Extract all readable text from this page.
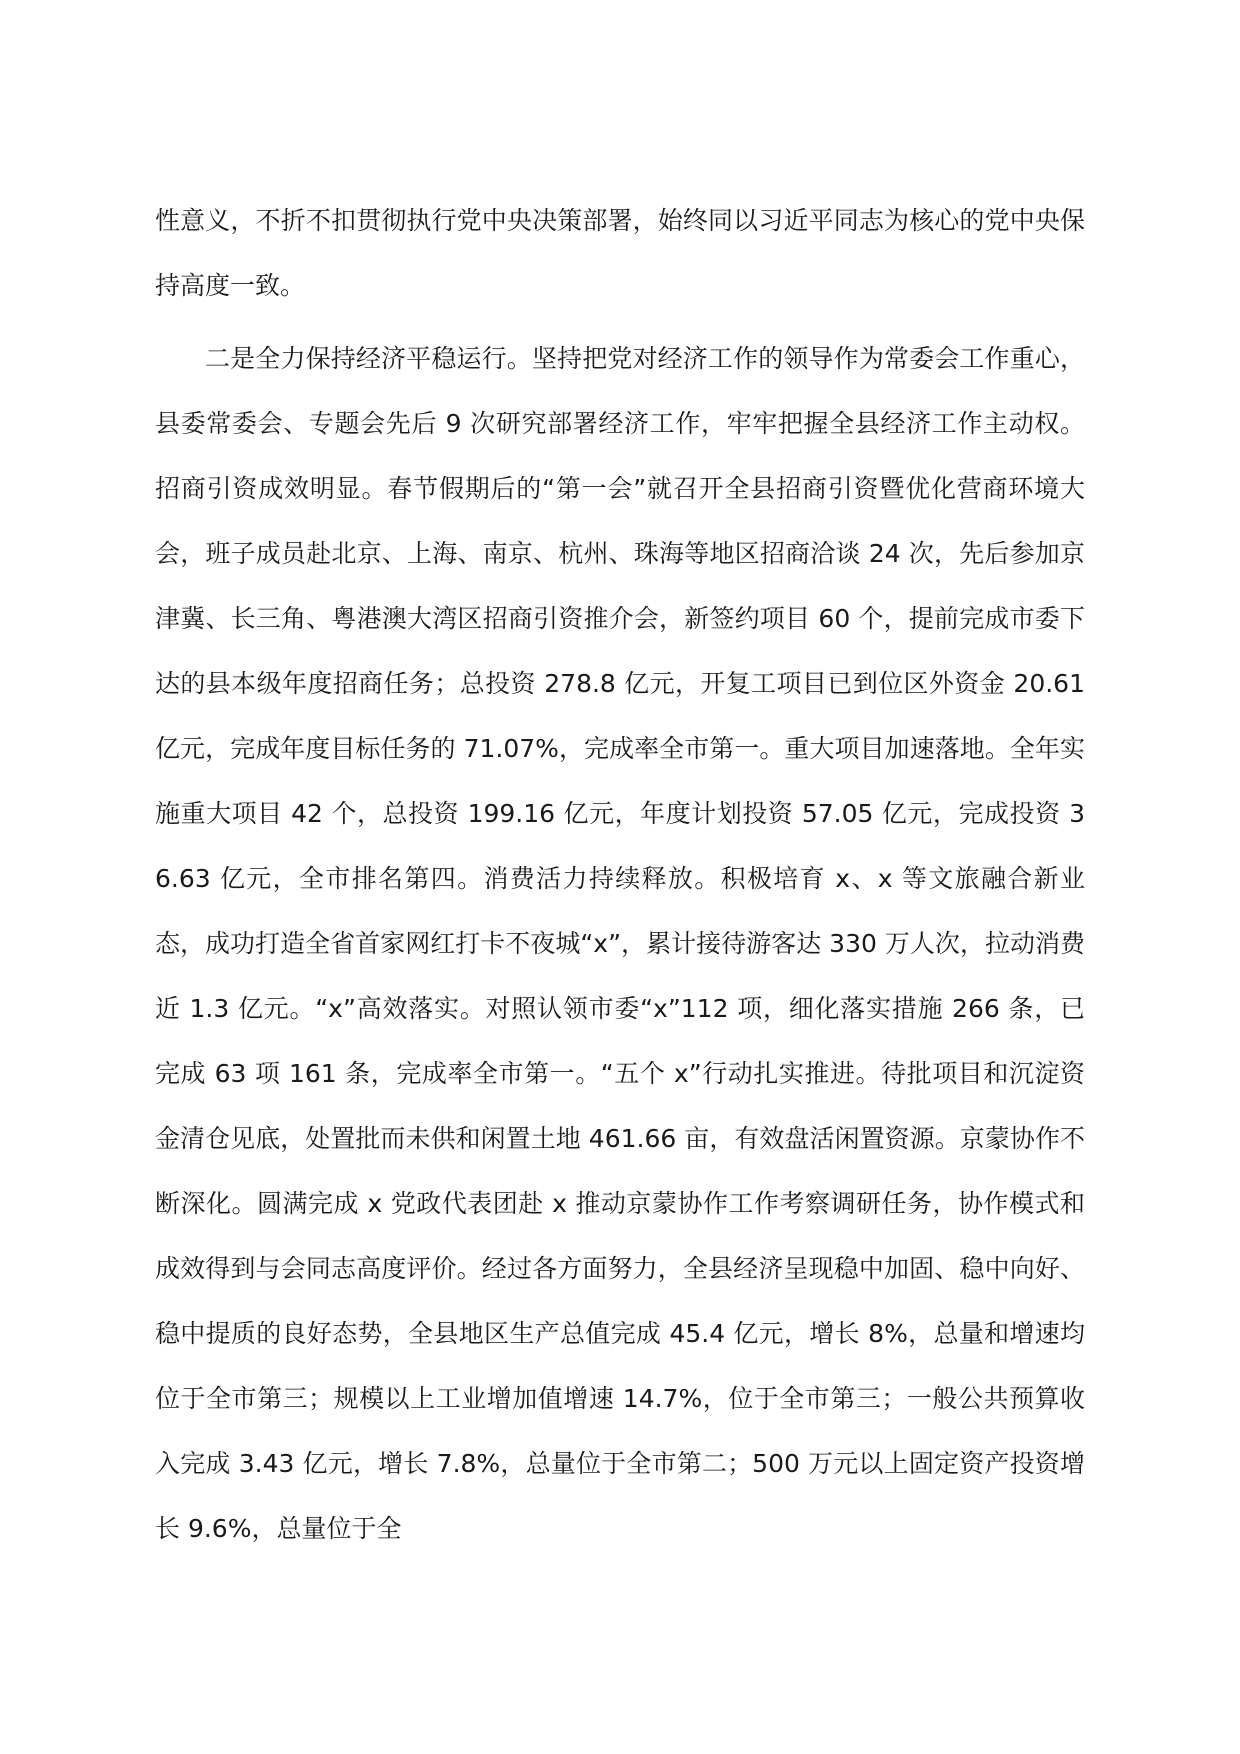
性意义，不折不扣贯彻执行党中央决策部署，始终同以习近平同志为核心的党中央保持高度一致。

二是全力保持经济平稳运行。坚持把党对经济工作的领导作为常委会工作重心，县委常委会、专题会先后 9 次研究部署经济工作，牢牢把握全县经济工作主动权。招商引资成效明显。春节假期后的“第一会”就召开全县招商引资暨优化营商环境大会，班子成员赴北京、上海、南京、杭州、珠海等地区招商洽谈 24 次，先后参加京津冀、长三角、粤港澳大湾区招商引资推介会，新签约项目 60 个，提前完成市委下达的县本级年度招商任务；总投资 278.8 亿元，开复工项目已到位区外资金 20.61 亿元，完成年度目标任务的 71.07%，完成率全市第一。重大项目加速落地。全年实施重大项目 42 个，总投资 199.16 亿元，年度计划投资 57.05 亿元，完成投资 36.63 亿元，全市排名第四。消费活力持续释放。积极培育 x、x 等文旅融合新业态，成功打造全省首家网红打卡不夜城“x”，累计接待游客达 330 万人次，拉动消费近 1.3 亿元。“x”高效落实。对照认领市委“x”112 项，细化落实措施 266 条，已完成 63 项 161 条，完成率全市第一。“五个 x”行动扎实推进。待批项目和沉淀资金清仓见底，处置批而未供和闲置土地 461.66 亩，有效盘活闲置资源。京蒙协作不断深化。圆满完成 x 党政代表团赴 x 推动京蒙协作工作考察调研任务，协作模式和成效得到与会同志高度评价。经过各方面努力，全县经济呈现稳中加固、稳中向好、稳中提质的良好态势，全县地区生产总值完成 45.4 亿元，增长 8%，总量和增速均位于全市第三；规模以上工业增加值增速 14.7%，位于全市第三；一般公共预算收入完成 3.43 亿元，增长 7.8%，总量位于全市第二；500 万元以上固定资产投资增长 9.6%，总量位于全
